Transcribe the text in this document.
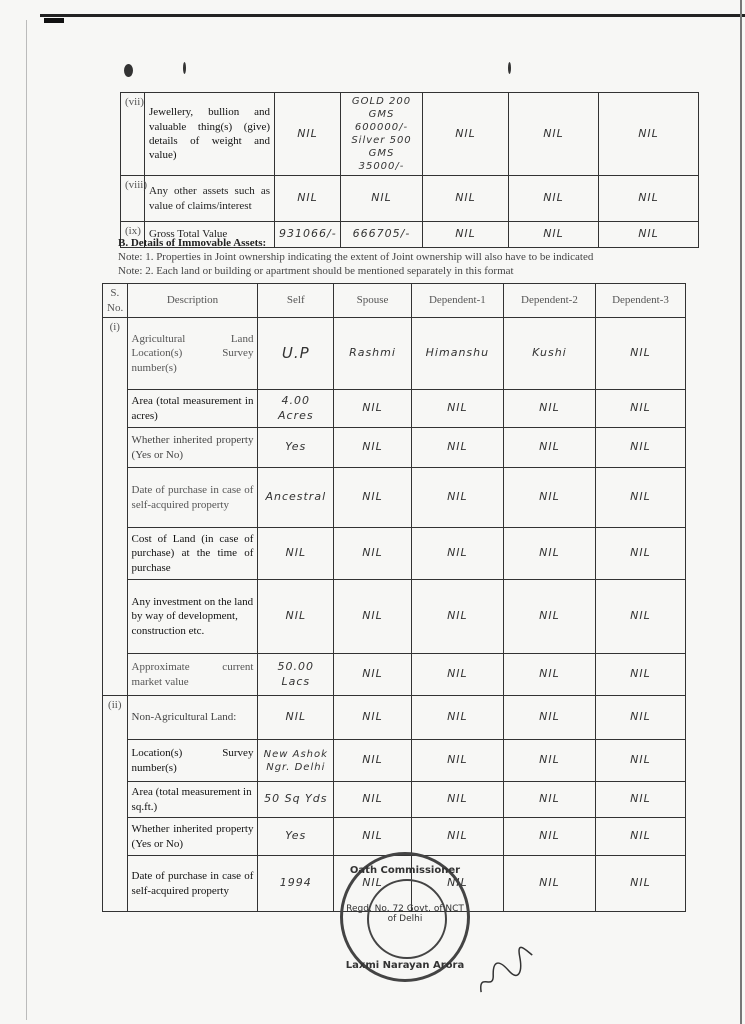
(vii)	Jewellery, bullion and valuable thing(s) (give) details of weight and value)	NIL	GOLD 200 GMS 600000/- Silver 500 GMS 35000/-	NIL	NIL	NIL
(viii)	Any other assets such as value of claims/interest	NIL	NIL	NIL	NIL	NIL
(ix)	Gross Total Value	931066/-	666705/-	NIL	NIL	NIL
B. Details of Immovable Assets:
Note: 1. Properties in Joint ownership indicating the extent of Joint ownership will also have to be indicated
Note: 2. Each land or building or apartment should be mentioned separately in this format
S. No.	Description	Self	Spouse	Dependent-1	Dependent-2	Dependent-3
(i)	Agricultural Land Location(s) Survey number(s)	U.P	Rashmi	Himanshu	Kushi	NIL
	Area (total measurement in acres)	4.00 Acres	NIL	NIL	NIL	NIL
	Whether inherited property (Yes or No)	Yes	NIL	NIL	NIL	NIL
	Date of purchase in case of self-acquired property	Ancestral	NIL	NIL	NIL	NIL
	Cost of Land (in case of purchase) at the time of purchase	NIL	NIL	NIL	NIL	NIL
	Any investment on the land by way of development, construction etc.	NIL	NIL	NIL	NIL	NIL
	Approximate current market value	50.00 Lacs	NIL	NIL	NIL	NIL
(ii)	Non-Agricultural Land:	NIL	NIL	NIL	NIL	NIL
	Location(s) Survey number(s)	New Ashok Ngr. Delhi	NIL	NIL	NIL	NIL
	Area (total measurement in sq.ft.)	50 Sq Yds	NIL	NIL	NIL	NIL
	Whether inherited property (Yes or No)	Yes	NIL	NIL	NIL	NIL
	Date of purchase in case of self-acquired property	1994	NIL	NIL	NIL	NIL
Oath Commissioner
Regd. No. 72 Govt. of NCT of Delhi
Laxmi Narayan Arora
